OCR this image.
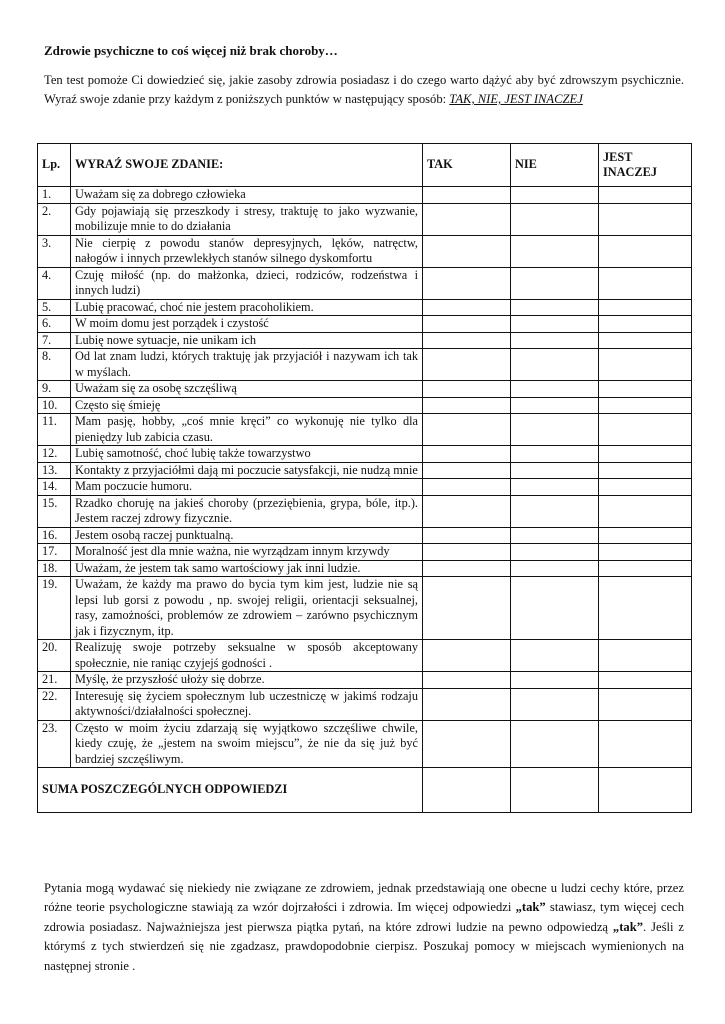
Zdrowie psychiczne to coś więcej niż brak choroby…
Ten test pomoże Ci dowiedzieć się, jakie zasoby zdrowia posiadasz i do czego warto dążyć aby być zdrowszym psychicznie. Wyraź swoje zdanie przy każdym z poniższych punktów w następujący sposób: TAK, NIE, JEST INACZEJ
Lp.	WYRAŹ SWOJE ZDANIE:	TAK	NIE	JEST INACZEJ
1.	Uważam się za dobrego człowieka			
2.	Gdy pojawiają się przeszkody i stresy, traktuję to jako wyzwanie, mobilizuje mnie to do działania			
3.	Nie cierpię z powodu stanów depresyjnych, lęków, natręctw, nałogów i innych przewlekłych stanów silnego dyskomfortu			
4.	Czuję miłość (np. do małżonka, dzieci, rodziców, rodzeństwa i innych ludzi)			
5.	Lubię pracować, choć nie jestem pracoholikiem.			
6.	W moim domu jest porządek i czystość			
7.	Lubię nowe sytuacje, nie unikam ich			
8.	Od lat znam ludzi, których traktuję jak przyjaciół i nazywam ich tak w myślach.			
9.	Uważam się za osobę szczęśliwą			
10.	Często się śmieję			
11.	Mam pasję, hobby, „coś mnie kręci” co wykonuję nie tylko dla pieniędzy lub zabicia czasu.			
12.	Lubię samotność, choć lubię także towarzystwo			
13.	Kontakty z przyjaciółmi dają mi poczucie satysfakcji, nie nudzą mnie			
14.	Mam poczucie humoru.			
15.	Rzadko choruję na jakieś choroby (przeziębienia, grypa, bóle, itp.). Jestem raczej zdrowy fizycznie.			
16.	Jestem osobą raczej punktualną.			
17.	Moralność jest dla mnie ważna, nie wyrządzam innym krzywdy			
18.	Uważam, że jestem tak samo wartościowy jak inni ludzie.			
19.	Uważam, że każdy ma prawo do bycia tym kim jest, ludzie nie są lepsi lub gorsi z powodu , np. swojej religii, orientacji seksualnej, rasy, zamożności, problemów ze zdrowiem – zarówno psychicznym jak i fizycznym, itp.			
20.	Realizuję swoje potrzeby seksualne w sposób akceptowany społecznie, nie raniąc czyjejś godności .			
21.	Myślę, że przyszłość ułoży się dobrze.			
22.	Interesuję się życiem społecznym lub uczestniczę w jakimś rodzaju aktywności/działalności społecznej.			
23.	Często w moim życiu zdarzają się wyjątkowo szczęśliwe chwile, kiedy czuję, że „jestem na swoim miejscu”, że nie da się już być bardziej szczęśliwym.			
SUMA POSZCZEGÓLNYCH ODPOWIEDZI				
Pytania mogą wydawać się niekiedy nie związane ze zdrowiem, jednak przedstawiają one obecne u ludzi cechy które, przez różne teorie psychologiczne stawiają za wzór dojrzałości i zdrowia. Im więcej odpowiedzi „tak” stawiasz, tym więcej cech zdrowia posiadasz. Najważniejsza jest pierwsza piątka pytań, na które zdrowi ludzie na pewno odpowiedzą „tak”. Jeśli z którymś z tych stwierdzeń się nie zgadzasz, prawdopodobnie cierpisz. Poszukaj pomocy w miejscach wymienionych na następnej stronie .
